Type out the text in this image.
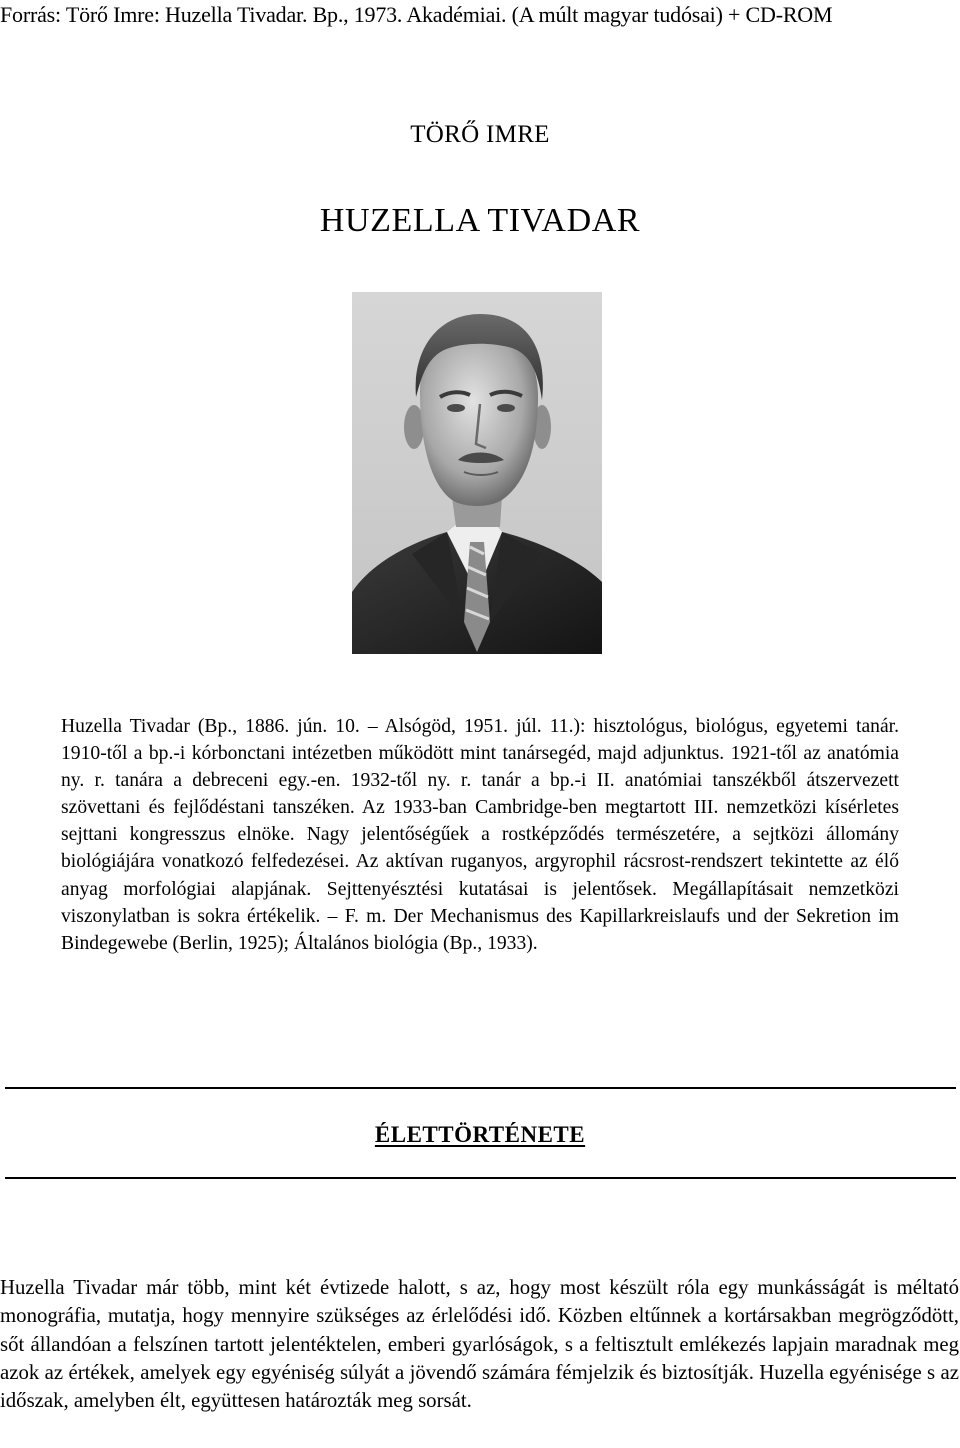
Forrás: Törő Imre: Huzella Tivadar. Bp., 1973. Akadémiai. (A múlt magyar tudósai) + CD-ROM
TÖRŐ IMRE
HUZELLA TIVADAR
Huzella Tivadar (Bp., 1886. jún. 10. – Alsógöd, 1951. júl. 11.): hisztológus, biológus, egyetemi tanár. 1910-től a bp.-i kórbonctani intézetben működött mint tanársegéd, majd adjunktus. 1921-től az anatómia ny. r. tanára a debreceni egy.-en. 1932-től ny. r. tanár a bp.-i II. anatómiai tanszékből átszervezett szövettani és fejlődéstani tanszéken. Az 1933-ban Cambridge-ben megtartott III. nemzetközi kísérletes sejttani kongresszus elnöke. Nagy jelentőségűek a rostképződés természetére, a sejtközi állomány biológiájára vonatkozó felfedezései. Az aktívan ruganyos, argyrophil rácsrost-rendszert tekintette az élő anyag morfológiai alapjának. Sejttenyésztési kutatásai is jelentősek. Megállapításait nemzetközi viszonylatban is sokra értékelik. – F. m. Der Mechanismus des Kapillarkreislaufs und der Sekretion im Bindegewebe (Berlin, 1925); Általános biológia (Bp., 1933).
ÉLETTÖRTÉNETE
Huzella Tivadar már több, mint két évtizede halott, s az, hogy most készült róla egy munkásságát is méltató monográfia, mutatja, hogy mennyire szükséges az érlelődési idő. Közben eltűnnek a kortársakban megrögződött, sőt állandóan a felszínen tartott jelentéktelen, emberi gyarlóságok, s a feltisztult emlékezés lapjain maradnak meg azok az értékek, amelyek egy egyéniség súlyát a jövendő számára fémjelzik és biztosítják. Huzella egyénisége s az időszak, amelyben élt, együttesen határozták meg sorsát.
